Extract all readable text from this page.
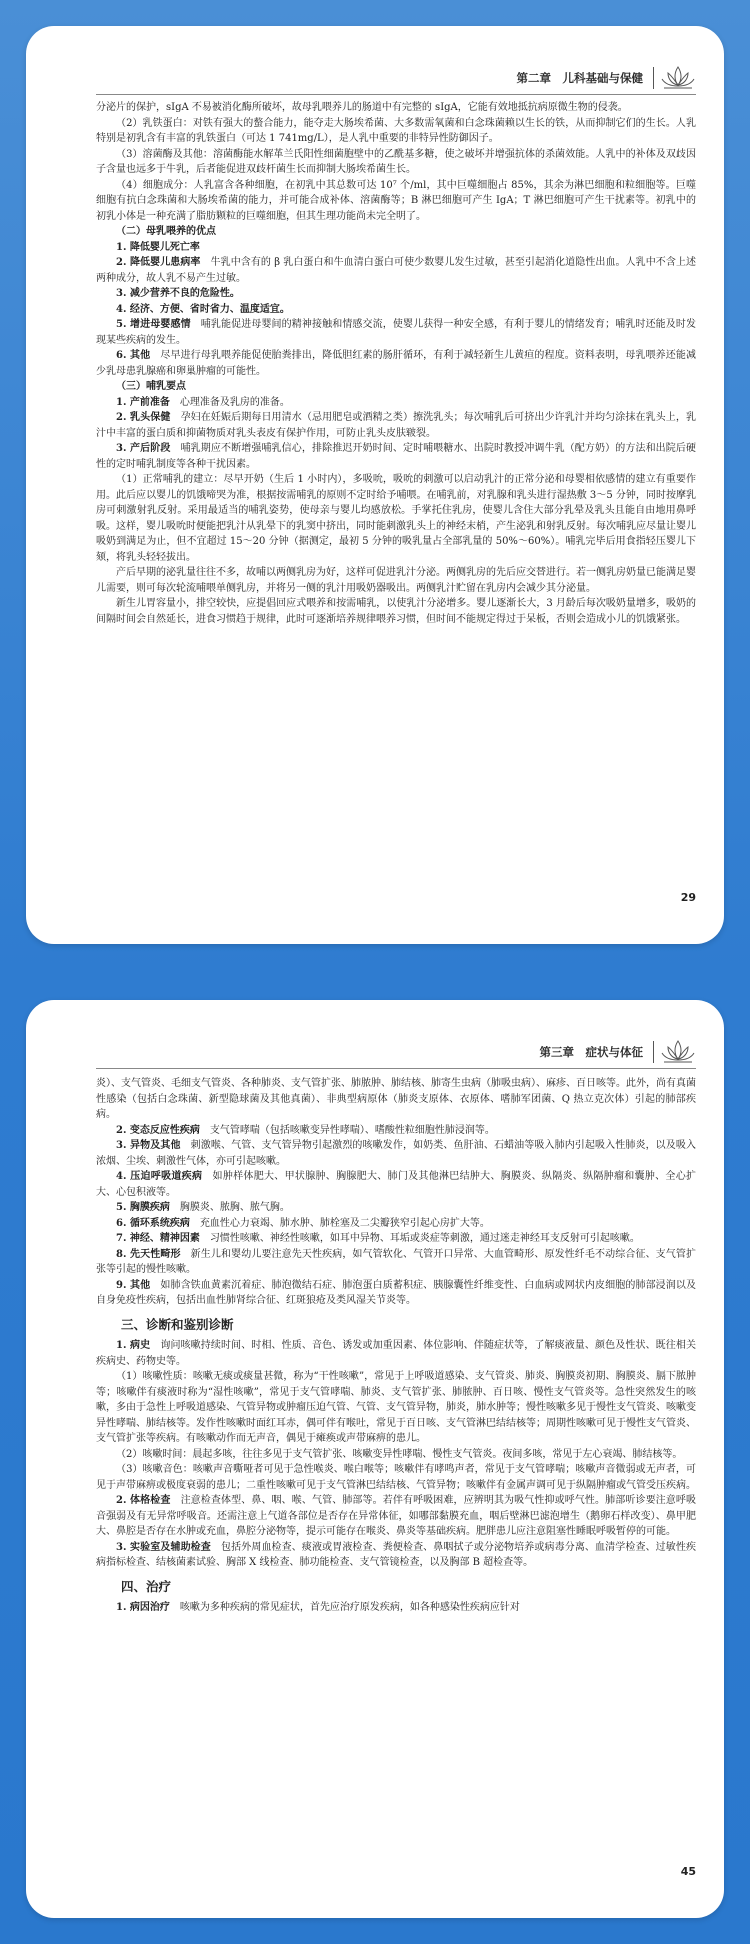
第二章　儿科基础与保健

分泌片的保护，sIgA 不易被消化酶所破坏，故母乳喂养儿的肠道中有完整的 sIgA，它能有效地抵抗病原微生物的侵袭。

（2）乳铁蛋白：对铁有强大的螯合能力，能夺走大肠埃希菌、大多数需氧菌和白念珠菌赖以生长的铁，从而抑制它们的生长。人乳特别是初乳含有丰富的乳铁蛋白（可达 1 741mg/L），是人乳中重要的非特异性防御因子。

（3）溶菌酶及其他：溶菌酶能水解革兰氏阳性细菌胞壁中的乙酰基多糖，使之破坏并增强抗体的杀菌效能。人乳中的补体及双歧因子含量也远多于牛乳，后者能促进双歧杆菌生长而抑制大肠埃希菌生长。

（4）细胞成分：人乳富含各种细胞，在初乳中其总数可达 10⁷ 个/ml，其中巨噬细胞占 85%，其余为淋巴细胞和粒细胞等。巨噬细胞有抗白念珠菌和大肠埃希菌的能力，并可能合成补体、溶菌酶等；B 淋巴细胞可产生 IgA；T 淋巴细胞可产生干扰素等。初乳中的初乳小体是一种充满了脂肪颗粒的巨噬细胞，但其生理功能尚未完全明了。

（二）母乳喂养的优点

1. 降低婴儿死亡率

2. 降低婴儿患病率　牛乳中含有的 β 乳白蛋白和牛血清白蛋白可使少数婴儿发生过敏，甚至引起消化道隐性出血。人乳中不含上述两种成分，故人乳不易产生过敏。

3. 减少营养不良的危险性。

4. 经济、方便、省时省力、温度适宜。

5. 增进母婴感情　哺乳能促进母婴间的精神接触和情感交流，使婴儿获得一种安全感，有利于婴儿的情绪发育；哺乳时还能及时发现某些疾病的发生。

6. 其他　尽早进行母乳喂养能促使胎粪排出，降低胆红素的肠肝循环，有利于减轻新生儿黄疸的程度。资料表明，母乳喂养还能减少乳母患乳腺癌和卵巢肿瘤的可能性。

（三）哺乳要点

1. 产前准备　心理准备及乳房的准备。

2. 乳头保健　孕妇在妊娠后期每日用清水（忌用肥皂或酒精之类）擦洗乳头；每次哺乳后可挤出少许乳汁并均匀涂抹在乳头上，乳汁中丰富的蛋白质和抑菌物质对乳头表皮有保护作用，可防止乳头皮肤皲裂。

3. 产后阶段　哺乳期应不断增强哺乳信心，排除推迟开奶时间、定时哺喂糖水、出院时教授冲调牛乳（配方奶）的方法和出院后硬性的定时哺乳制度等各种干扰因素。

（1）正常哺乳的建立：尽早开奶（生后 1 小时内），多吸吮，吸吮的刺激可以启动乳汁的正常分泌和母婴相依感情的建立有重要作用。此后应以婴儿的饥饿啼哭为准，根据按需哺乳的原则不定时给予哺喂。在哺乳前，对乳腺和乳头进行湿热敷 3～5 分钟，同时按摩乳房可刺激射乳反射。采用最适当的哺乳姿势，使母亲与婴儿均感放松。手掌托住乳房，使婴儿含住大部分乳晕及乳头且能自由地用鼻呼吸。这样，婴儿吸吮时便能把乳汁从乳晕下的乳窦中挤出，同时能刺激乳头上的神经末梢，产生泌乳和射乳反射。每次哺乳应尽量让婴儿吸奶到满足为止，但不宜超过 15～20 分钟（据测定，最初 5 分钟的吸乳量占全部乳量的 50%～60%）。哺乳完毕后用食指轻压婴儿下颏，将乳头轻轻拔出。

产后早期的泌乳量往往不多，故哺以两侧乳房为好，这样可促进乳汁分泌。两侧乳房的先后应交替进行。若一侧乳房奶量已能满足婴儿需要，则可每次轮流哺喂单侧乳房，并将另一侧的乳汁用吸奶器吸出。两侧乳汁贮留在乳房内会减少其分泌量。

新生儿胃容量小，排空较快，应提倡回应式喂养和按需哺乳，以使乳汁分泌增多。婴儿逐渐长大，3 月龄后每次吸奶量增多，吸奶的间隔时间会自然延长，进食习惯趋于规律，此时可逐渐培养规律喂养习惯，但时间不能规定得过于呆板，否则会造成小儿的饥饿紧张。

29
第三章　症状与体征

炎）、支气管炎、毛细支气管炎、各种肺炎、支气管扩张、肺脓肿、肺结核、肺寄生虫病（肺吸虫病）、麻疹、百日咳等。此外，尚有真菌性感染（包括白念珠菌、新型隐球菌及其他真菌）、非典型病原体（肺炎支原体、衣原体、嗜肺军团菌、Q 热立克次体）引起的肺部疾病。

2. 变态反应性疾病　支气管哮喘（包括咳嗽变异性哮喘）、嗜酸性粒细胞性肺浸润等。

3. 异物及其他　刺激喉、气管、支气管异物引起激烈的咳嗽发作，如奶类、鱼肝油、石蜡油等吸入肺内引起吸入性肺炎，以及吸入浓烟、尘埃、刺激性气体，亦可引起咳嗽。

4. 压迫呼吸道疾病　如肿样体肥大、甲状腺肿、胸腺肥大、肺门及其他淋巴结肿大、胸膜炎、纵隔炎、纵隔肿瘤和囊肿、全心扩大、心包积液等。

5. 胸膜疾病　胸膜炎、脓胸、脓气胸。

6. 循环系统疾病　充血性心力衰竭、肺水肿、肺栓塞及二尖瓣狭窄引起心房扩大等。

7. 神经、精神因素　习惯性咳嗽、神经性咳嗽，如耳中异物、耳垢或炎症等刺激，通过迷走神经耳支反射可引起咳嗽。

8. 先天性畸形　新生儿和婴幼儿要注意先天性疾病，如气管软化、气管开口异常、大血管畸形、原发性纤毛不动综合征、支气管扩张等引起的慢性咳嗽。

9. 其他　如肺含铁血黄素沉着症、肺泡微结石症、肺泡蛋白质蓄积症、胰腺囊性纤维变性、白血病或网状内皮细胞的肺部浸润以及自身免疫性疾病，包括出血性肺肾综合征、红斑狼疮及类风湿关节炎等。

三、诊断和鉴别诊断

1. 病史　询问咳嗽持续时间、时相、性质、音色、诱发或加重因素、体位影响、伴随症状等，了解痰液量、颜色及性状、既往相关疾病史、药物史等。

（1）咳嗽性质：咳嗽无痰或痰量甚微，称为“干性咳嗽”，常见于上呼吸道感染、支气管炎、肺炎、胸膜炎初期、胸膜炎、膈下脓肿等；咳嗽伴有痰液时称为“湿性咳嗽”，常见于支气管哮喘、肺炎、支气管扩张、肺脓肿、百日咳、慢性支气管炎等。急性突然发生的咳嗽，多由于急性上呼吸道感染、气管异物或肿瘤压迫气管、气管、支气管异物，肺炎，肺水肿等；慢性咳嗽多见于慢性支气管炎、咳嗽变异性哮喘、肺结核等。发作性咳嗽时面红耳赤，偶可伴有喉吐，常见于百日咳、支气管淋巴结结核等；周期性咳嗽可见于慢性支气管炎、支气管扩张等疾病。有咳嗽动作而无声音，偶见于瘫痪或声带麻痹的患儿。

（2）咳嗽时间：晨起多咳，往往多见于支气管扩张、咳嗽变异性哮喘、慢性支气管炎。夜间多咳，常见于左心衰竭、肺结核等。

（3）咳嗽音色：咳嗽声音嘶哑者可见于急性喉炎、喉白喉等；咳嗽伴有哮鸣声者，常见于支气管哮喘；咳嗽声音微弱或无声者，可见于声带麻痹或极度衰弱的患儿；二重性咳嗽可见于支气管淋巴结结核、气管异物；咳嗽伴有金属声调可见于纵隔肿瘤或气管受压疾病。

2. 体格检查　注意检查体型、鼻、咽、喉、气管、肺部等。若伴有呼吸困难，应辨明其为吸气性抑或呼气性。肺部听诊要注意呼吸音强弱及有无异常呼吸音。还需注意上气道各部位是否存在异常体征，如哪部黏膜充血，咽后壁淋巴滤泡增生（鹅卵石样改变）、鼻甲肥大、鼻腔是否存在水肿或充血，鼻腔分泌物等，提示可能存在喉炎、鼻炎等基础疾病。肥胖患儿应注意阻塞性睡眠呼吸暂停的可能。

3. 实验室及辅助检查　包括外周血检查、痰液或胃液检查、粪便检查、鼻咽拭子或分泌物培养或病毒分离、血清学检查、过敏性疾病指标检查、结核菌素试验、胸部 X 线检查、肺功能检查、支气管镜检查，以及胸部 B 超检查等。

四、治疗

1. 病因治疗　咳嗽为多种疾病的常见症状，首先应治疗原发疾病，如各种感染性疾病应针对

45
